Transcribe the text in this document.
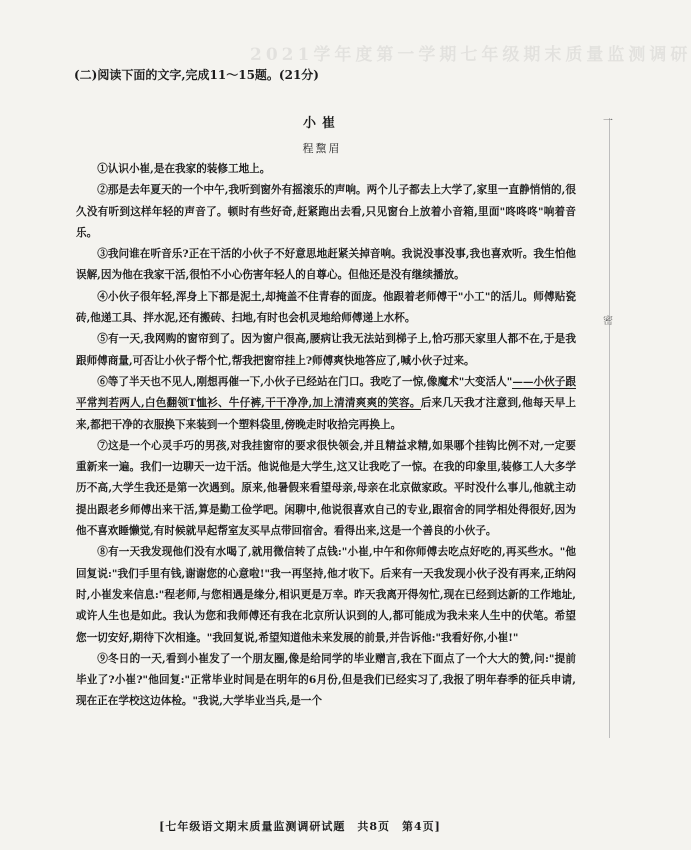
2021学年度第一学期七年级期末质量监测调研
一
密
(二)阅读下面的文字,完成11～15题。(21分)
小崔
程黧眉

①认识小崔,是在我家的装修工地上。

②那是去年夏天的一个中午,我听到窗外有摇滚乐的声响。两个儿子都去上大学了,家里一直静悄悄的,很久没有听到这样年轻的声音了。顿时有些好奇,赶紧跑出去看,只见窗台上放着小音箱,里面"咚咚咚"响着音乐。

③我问谁在听音乐?正在干活的小伙子不好意思地赶紧关掉音响。我说没事没事,我也喜欢听。我生怕他误解,因为他在我家干活,很怕不小心伤害年轻人的自尊心。但他还是没有继续播放。

④小伙子很年轻,浑身上下都是泥土,却掩盖不住青春的面庞。他跟着老师傅干"小工"的活儿。师傅贴瓷砖,他递工具、拌水泥,还有搬砖、扫地,有时也会机灵地给师傅递上水杯。

⑤有一天,我网购的窗帘到了。因为窗户很高,腰病让我无法站到梯子上,恰巧那天家里人都不在,于是我跟师傅商量,可否让小伙子帮个忙,帮我把窗帘挂上?师傅爽快地答应了,喊小伙子过来。

⑥等了半天也不见人,刚想再催一下,小伙子已经站在门口。我吃了一惊,像魔术"大变活人"——小伙子跟平常判若两人,白色翻领T恤衫、牛仔裤,干干净净,加上清清爽爽的笑容。后来几天我才注意到,他每天早上来,都把干净的衣服换下来装到一个塑料袋里,傍晚走时收拾完再换上。

⑦这是一个心灵手巧的男孩,对我挂窗帘的要求很快领会,并且精益求精,如果哪个挂钩比例不对,一定要重新来一遍。我们一边聊天一边干活。他说他是大学生,这又让我吃了一惊。在我的印象里,装修工人大多学历不高,大学生我还是第一次遇到。原来,他暑假来看望母亲,母亲在北京做家政。平时没什么事儿,他就主动提出跟老乡师傅出来干活,算是勤工俭学吧。闲聊中,他说很喜欢自己的专业,跟宿舍的同学相处得很好,因为他不喜欢睡懒觉,有时候就早起帮室友买早点带回宿舍。看得出来,这是一个善良的小伙子。

⑧有一天我发现他们没有水喝了,就用微信转了点钱:"小崔,中午和你师傅去吃点好吃的,再买些水。"他回复说:"我们手里有钱,谢谢您的心意啦!"我一再坚持,他才收下。后来有一天我发现小伙子没有再来,正纳闷时,小崔发来信息:"程老师,与您相遇是缘分,相识更是万幸。昨天我离开得匆忙,现在已经到达新的工作地址,或许人生也是如此。我认为您和我师傅还有我在北京所认识到的人,都可能成为我未来人生中的伏笔。希望您一切安好,期待下次相逢。"我回复说,希望知道他未来发展的前景,并告诉他:"我看好你,小崔!"

⑨冬日的一天,看到小崔发了一个朋友圈,像是给同学的毕业赠言,我在下面点了一个大大的赞,问:"提前毕业了?小崔?"他回复:"正常毕业时间是在明年的6月份,但是我们已经实习了,我报了明年春季的征兵申请,现在正在学校这边体检。"我说,大学毕业当兵,是一个

[七年级语文期末质量监测调研试题　共8页　第4页]
